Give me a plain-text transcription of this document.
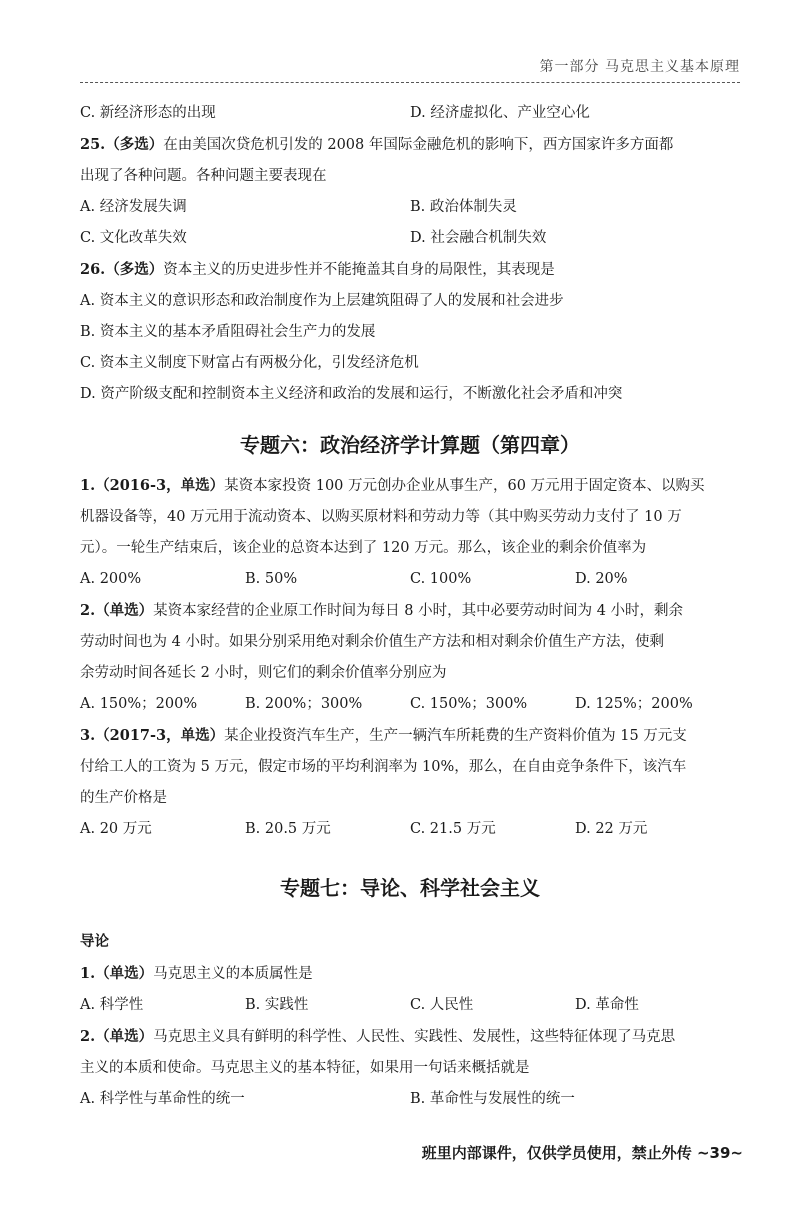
第一部分 马克思主义基本原理
C. 新经济形态的出现	D. 经济虚拟化、产业空心化
25.（多选）在由美国次贷危机引发的 2008 年国际金融危机的影响下，西方国家许多方面都
出现了各种问题。各种问题主要表现在
A. 经济发展失调	B. 政治体制失灵
C. 文化改革失效	D. 社会融合机制失效
26.（多选）资本主义的历史进步性并不能掩盖其自身的局限性，其表现是
A. 资本主义的意识形态和政治制度作为上层建筑阻碍了人的发展和社会进步
B. 资本主义的基本矛盾阻碍社会生产力的发展
C. 资本主义制度下财富占有两极分化，引发经济危机
D. 资产阶级支配和控制资本主义经济和政治的发展和运行，不断激化社会矛盾和冲突
专题六：政治经济学计算题（第四章）
1.（2016-3，单选）某资本家投资 100 万元创办企业从事生产，60 万元用于固定资本、以购买
机器设备等，40 万元用于流动资本、以购买原材料和劳动力等（其中购买劳动力支付了 10 万
元）。一轮生产结束后，该企业的总资本达到了 120 万元。那么，该企业的剩余价值率为
A. 200%	B. 50%	C. 100%	D. 20%
2.（单选）某资本家经营的企业原工作时间为每日 8 小时，其中必要劳动时间为 4 小时，剩余
劳动时间也为 4 小时。如果分别采用绝对剩余价值生产方法和相对剩余价值生产方法，使剩
余劳动时间各延长 2 小时，则它们的剩余价值率分别应为
A. 150%；200%	B. 200%；300%	C. 150%；300%	D. 125%；200%
3.（2017-3，单选）某企业投资汽车生产，生产一辆汽车所耗费的生产资料价值为 15 万元支
付给工人的工资为 5 万元，假定市场的平均利润率为 10%，那么，在自由竞争条件下，该汽车
的生产价格是
A. 20 万元	B. 20.5 万元	C. 21.5 万元	D. 22 万元
专题七：导论、科学社会主义
导论
1.（单选）马克思主义的本质属性是
A. 科学性	B. 实践性	C. 人民性	D. 革命性
2.（单选）马克思主义具有鲜明的科学性、人民性、实践性、发展性，这些特征体现了马克思
主义的本质和使命。马克思主义的基本特征，如果用一句话来概括就是
A. 科学性与革命性的统一	B. 革命性与发展性的统一
班里内部课件，仅供学员使用，禁止外传 ~39~
